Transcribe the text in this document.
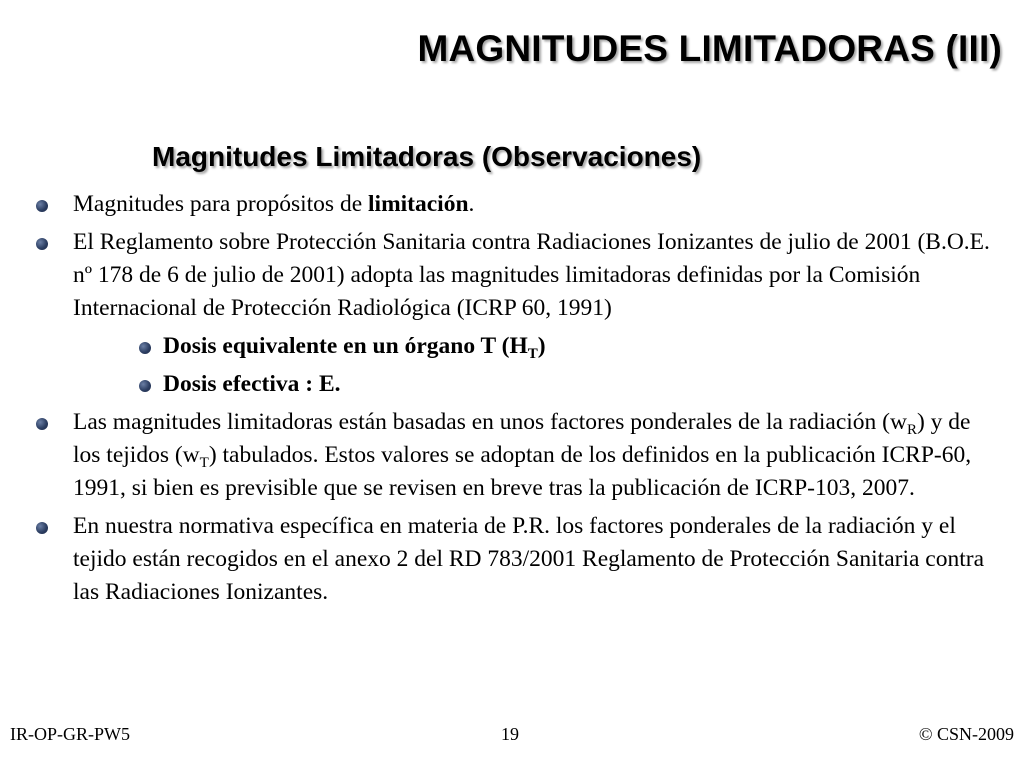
MAGNITUDES LIMITADORAS (III)
Magnitudes Limitadoras (Observaciones)
Magnitudes para propósitos de limitación.
El Reglamento sobre Protección Sanitaria contra Radiaciones Ionizantes de julio de 2001 (B.O.E. nº 178 de 6 de julio de 2001) adopta las magnitudes limitadoras definidas por la Comisión Internacional de Protección Radiológica (ICRP 60, 1991)
Dosis equivalente en un órgano T $(H_T)$
Dosis efectiva : E.
Las magnitudes limitadoras están basadas en unos factores ponderales de la radiación $(w_R)$ y de los tejidos $(w_T)$ tabulados. Estos valores se adoptan de los definidos en la publicación ICRP-60, 1991, si bien es previsible que se revisen en breve tras la publicación de ICRP-103, 2007.
En nuestra normativa específica en materia de P.R. los factores ponderales de la radiación y el tejido están recogidos en el anexo 2 del RD 783/2001 Reglamento de Protección Sanitaria contra las Radiaciones Ionizantes.
IR-OP-GR-PW5	19	© CSN-2009
